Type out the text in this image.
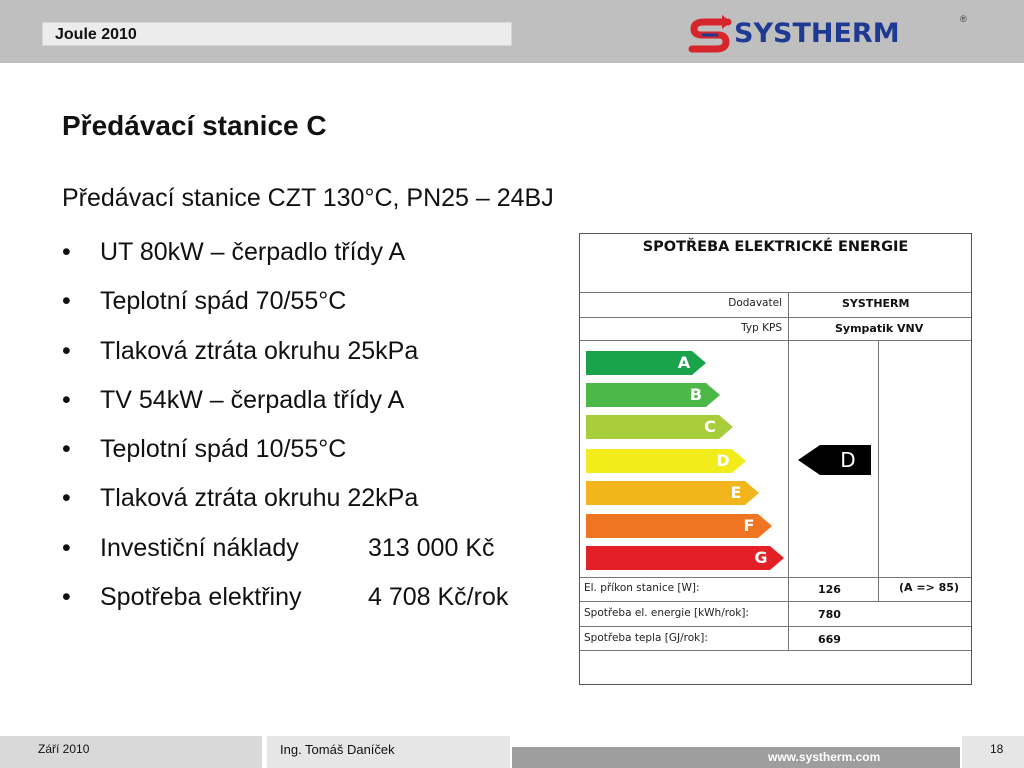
Joule 2010	SYSTHERM	®
Předávací stanice C
Předávací stanice CZT 130°C, PN25 – 24BJ
•	UT 80kW – čerpadlo třídy A
•	Teplotní spád 70/55°C
•	Tlaková ztráta okruhu 25kPa
•	TV 54kW – čerpadla třídy A
•	Teplotní spád 10/55°C
•	Tlaková ztráta okruhu 22kPa
•	Investiční náklady	313 000 Kč
•	Spotřeba elektřiny	4 708 Kč/rok
SPOTŘEBA ELEKTRICKÉ ENERGIE
Dodavatel	SYSTHERM
Typ KPS	Sympatik VNV
A
B
C
D
E
F
G
D
El. příkon stanice [W]:	126	(A => 85)
Spotřeba el. energie [kWh/rok]:	780
Spotřeba tepla [GJ/rok]:	669
Září 2010	Ing. Tomáš Daníček	www.systherm.com
18
